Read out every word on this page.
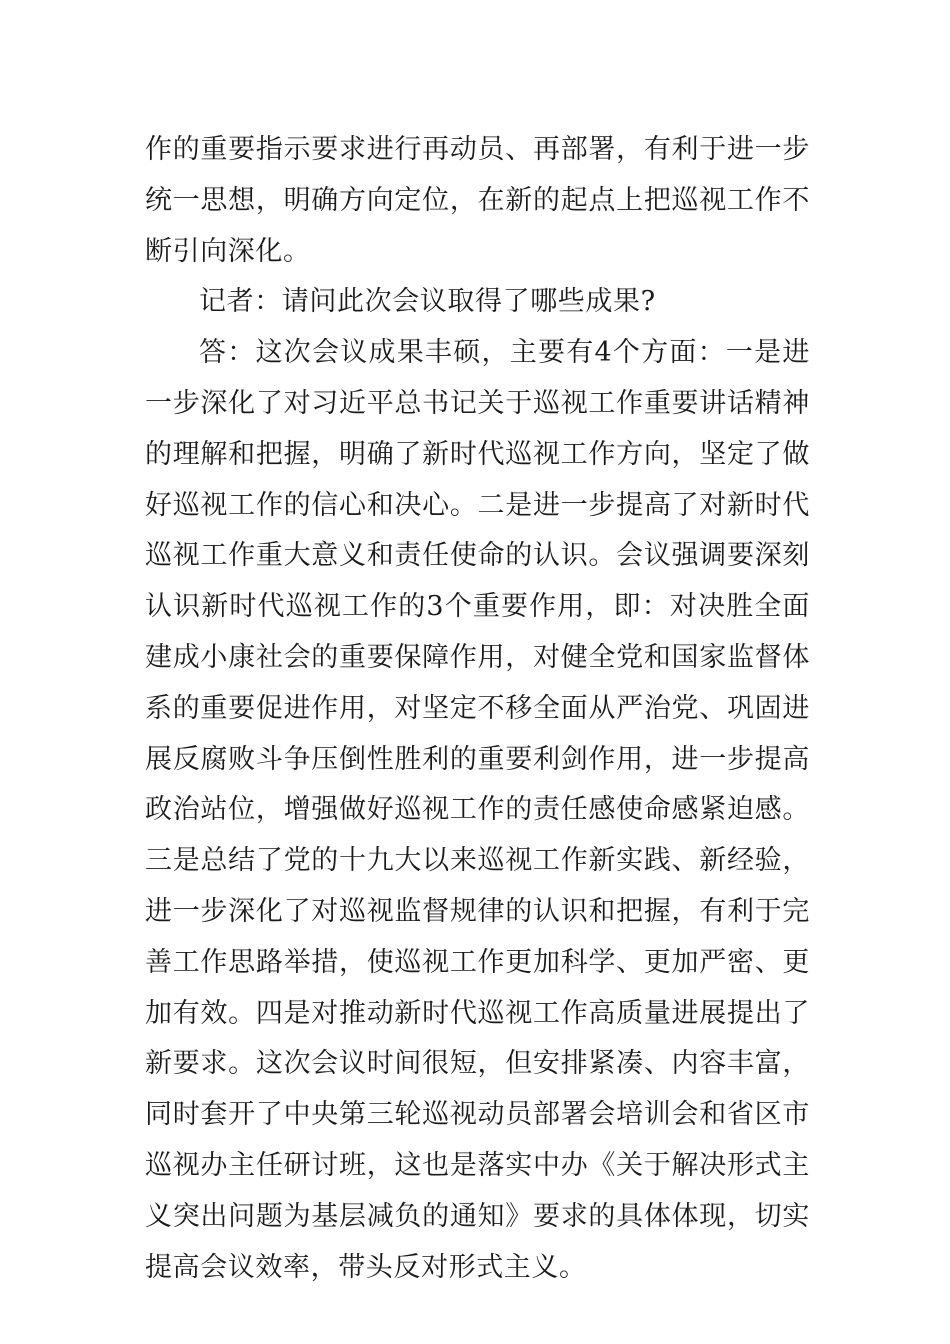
作的重要指示要求进行再动员、再部署，有利于进一步统一思想，明确方向定位，在新的起点上把巡视工作不断引向深化。

记者：请问此次会议取得了哪些成果?

答：这次会议成果丰硕，主要有4个方面：一是进一步深化了对习近平总书记关于巡视工作重要讲话精神的理解和把握，明确了新时代巡视工作方向，坚定了做好巡视工作的信心和决心。二是进一步提高了对新时代巡视工作重大意义和责任使命的认识。会议强调要深刻认识新时代巡视工作的3个重要作用，即：对决胜全面建成小康社会的重要保障作用，对健全党和国家监督体系的重要促进作用，对坚定不移全面从严治党、巩固进展反腐败斗争压倒性胜利的重要利剑作用，进一步提高政治站位，增强做好巡视工作的责任感使命感紧迫感。三是总结了党的十九大以来巡视工作新实践、新经验，进一步深化了对巡视监督规律的认识和把握，有利于完善工作思路举措，使巡视工作更加科学、更加严密、更加有效。四是对推动新时代巡视工作高质量进展提出了新要求。这次会议时间很短，但安排紧凑、内容丰富，同时套开了中央第三轮巡视动员部署会培训会和省区市巡视办主任研讨班，这也是落实中办《关于解决形式主义突出问题为基层减负的通知》要求的具体体现，切实提高会议效率，带头反对形式主义。
